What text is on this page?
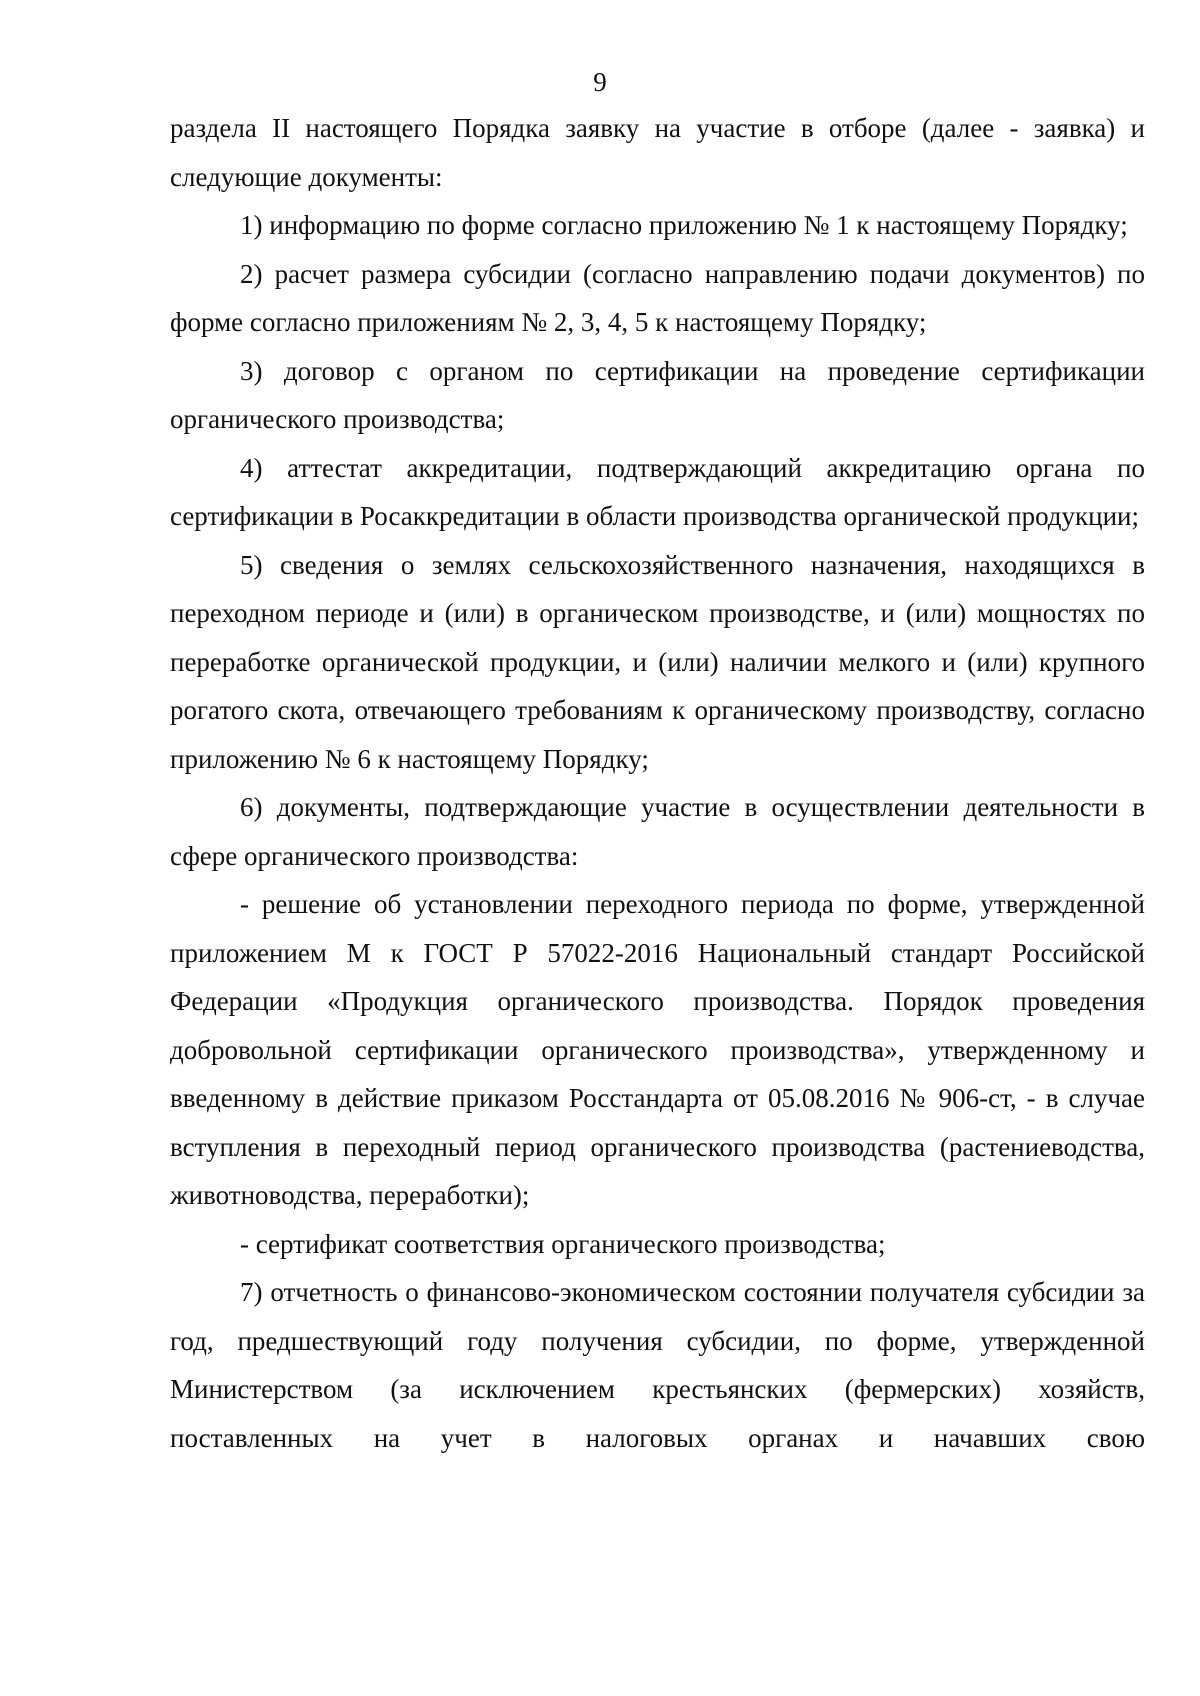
9

раздела II настоящего Порядка заявку на участие в отборе (далее - заявка) и следующие документы:

1) информацию по форме согласно приложению № 1 к настоящему Порядку;

2) расчет размера субсидии (согласно направлению подачи документов) по форме согласно приложениям № 2, 3, 4, 5 к настоящему Порядку;

3) договор с органом по сертификации на проведение сертификации органического производства;

4) аттестат аккредитации, подтверждающий аккредитацию органа по сертификации в Росаккредитации в области производства органической продукции;

5) сведения о землях сельскохозяйственного назначения, находящихся в переходном периоде и (или) в органическом производстве, и (или) мощностях по переработке органической продукции, и (или) наличии мелкого и (или) крупного рогатого скота, отвечающего требованиям к органическому производству, согласно приложению № 6 к настоящему Порядку;

6) документы, подтверждающие участие в осуществлении деятельности в сфере органического производства:

- решение об установлении переходного периода по форме, утвержденной приложением М к ГОСТ Р 57022-2016 Национальный стандарт Российской Федерации «Продукция органического производства. Порядок проведения добровольной сертификации органического производства», утвержденному и введенному в действие приказом Росстандарта от 05.08.2016 № 906-ст, - в случае вступления в переходный период органического производства (растениеводства, животноводства, переработки);

- сертификат соответствия органического производства;

7) отчетность о финансово-экономическом состоянии получателя субсидии за год, предшествующий году получения субсидии, по форме, утвержденной Министерством (за исключением крестьянских (фермерских) хозяйств, поставленных на учет в налоговых органах и начавших свою
